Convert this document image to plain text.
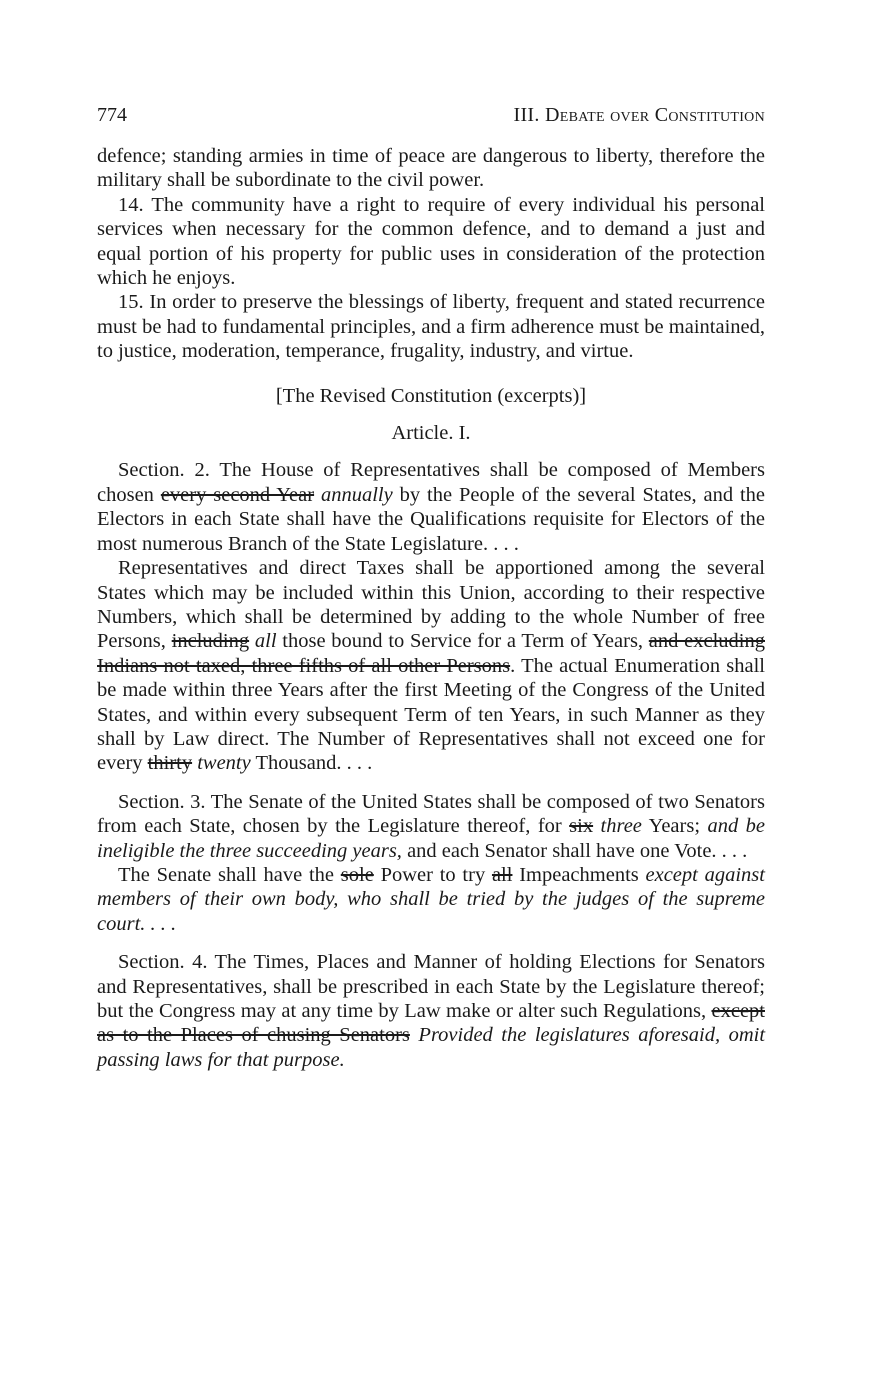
774	III. Debate over Constitution

defence; standing armies in time of peace are dangerous to liberty, therefore the military shall be subordinate to the civil power.

14. The community have a right to require of every individual his personal services when necessary for the common defence, and to demand a just and equal portion of his property for public uses in consideration of the protection which he enjoys.

15. In order to preserve the blessings of liberty, frequent and stated recurrence must be had to fundamental principles, and a firm adherence must be maintained, to justice, moderation, temperance, frugality, industry, and virtue.

[The Revised Constitution (excerpts)]
Article. I.

Section. 2. The House of Representatives shall be composed of Members chosen every second Year annually by the People of the several States, and the Electors in each State shall have the Qualifications requisite for Electors of the most numerous Branch of the State Legislature. . . .

Representatives and direct Taxes shall be apportioned among the several States which may be included within this Union, according to their respective Numbers, which shall be determined by adding to the whole Number of free Persons, including all those bound to Service for a Term of Years, and excluding Indians not taxed, three fifths of all other Persons. The actual Enumeration shall be made within three Years after the first Meeting of the Congress of the United States, and within every subsequent Term of ten Years, in such Manner as they shall by Law direct. The Number of Representatives shall not exceed one for every thirty twenty Thousand. . . .

Section. 3. The Senate of the United States shall be composed of two Senators from each State, chosen by the Legislature thereof, for six three Years; and be ineligible the three succeeding years, and each Senator shall have one Vote. . . .

The Senate shall have the sole Power to try all Impeachments except against members of their own body, who shall be tried by the judges of the supreme court. . . .

Section. 4. The Times, Places and Manner of holding Elections for Senators and Representatives, shall be prescribed in each State by the Legislature thereof; but the Congress may at any time by Law make or alter such Regulations, except as to the Places of chusing Senators Provided the legislatures aforesaid, omit passing laws for that purpose.
